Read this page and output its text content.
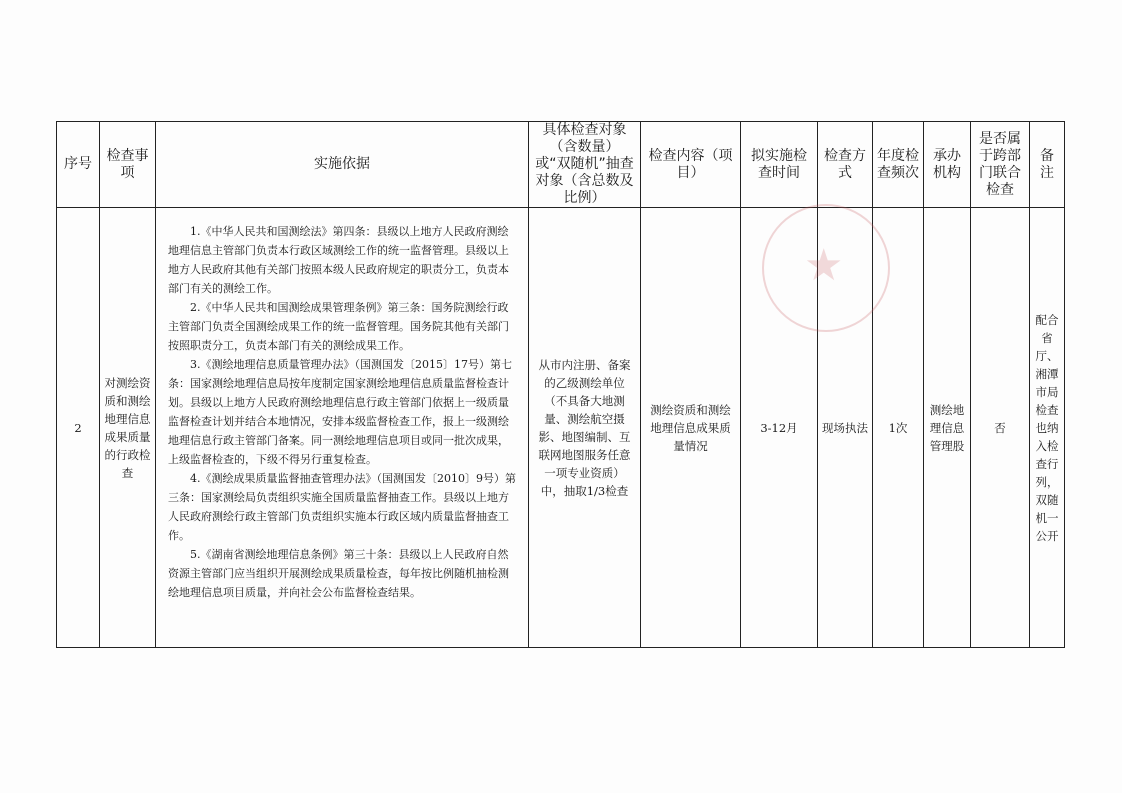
序号	检查事项	实施依据	具体检查对象（含数量）或“双随机”抽查对象（含总数及比例）	检查内容（项目）	拟实施检查时间	检查方式	年度检查频次	承办机构	是否属于跨部门联合检查	备注
2	对测绘资质和测绘地理信息成果质量的行政检查	1.《中华人民共和国测绘法》第四条：县级以上地方人民政府测绘地理信息主管部门负责本行政区域测绘工作的统一监督管理。县级以上地方人民政府其他有关部门按照本级人民政府规定的职责分工，负责本部门有关的测绘工作。

2.《中华人民共和国测绘成果管理条例》第三条：国务院测绘行政主管部门负责全国测绘成果工作的统一监督管理。国务院其他有关部门按照职责分工，负责本部门有关的测绘成果工作。

3.《测绘地理信息质量管理办法》（国测国发〔2015〕17号）第七条：国家测绘地理信息局按年度制定国家测绘地理信息质量监督检查计划。县级以上地方人民政府测绘地理信息行政主管部门依据上一级质量监督检查计划并结合本地情况，安排本级监督检查工作，报上一级测绘地理信息行政主管部门备案。同一测绘地理信息项目或同一批次成果，上级监督检查的，下级不得另行重复检查。

4.《测绘成果质量监督抽查管理办法》（国测国发〔2010〕9号）第三条：国家测绘局负责组织实施全国质量监督抽查工作。县级以上地方人民政府测绘行政主管部门负责组织实施本行政区域内质量监督抽查工作。

5.《湖南省测绘地理信息条例》第三十条：县级以上人民政府自然资源主管部门应当组织开展测绘成果质量检查，每年按比例随机抽检测绘地理信息项目质量，并向社会公布监督检查结果。	从市内注册、备案的乙级测绘单位（不具备大地测量、测绘航空摄影、地图编制、互联网地图服务任意一项专业资质）中，抽取1/3检查	测绘资质和测绘地理信息成果质量情况	3-12月	现场执法	1次	测绘地理信息管理股	否	配合省厅、湘潭市局检查也纳入检查行列，双随机一公开
★
